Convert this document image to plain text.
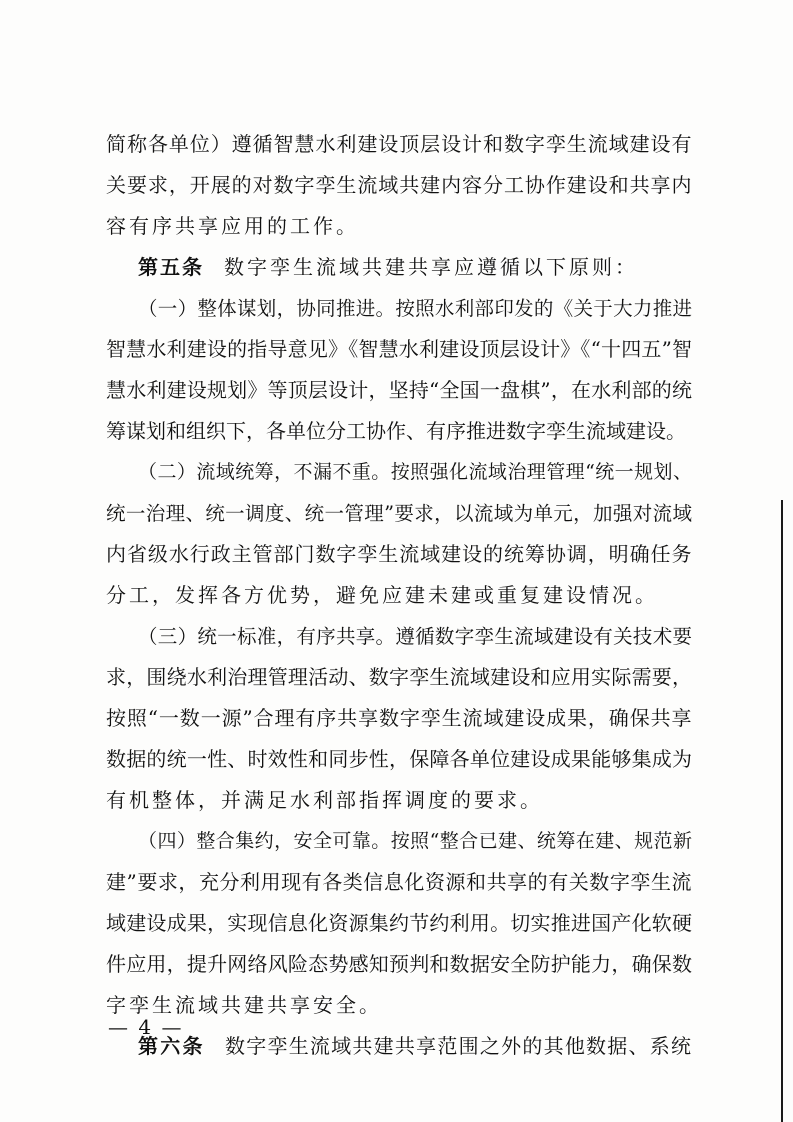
简称各单位）遵循智慧水利建设顶层设计和数字孪生流域建设有
关要求，开展的对数字孪生流域共建内容分工协作建设和共享内
容有序共享应用的工作。
第五条 数字孪生流域共建共享应遵循以下原则：
（一）整体谋划，协同推进。按照水利部印发的《关于大力推进
智慧水利建设的指导意见》《智慧水利建设顶层设计》《“十四五”智
慧水利建设规划》等顶层设计，坚持“全国一盘棋”，在水利部的统
筹谋划和组织下，各单位分工协作、有序推进数字孪生流域建设。
（二）流域统筹，不漏不重。按照强化流域治理管理“统一规划、
统一治理、统一调度、统一管理”要求，以流域为单元，加强对流域
内省级水行政主管部门数字孪生流域建设的统筹协调，明确任务
分工，发挥各方优势，避免应建未建或重复建设情况。
（三）统一标准，有序共享。遵循数字孪生流域建设有关技术要
求，围绕水利治理管理活动、数字孪生流域建设和应用实际需要，
按照“一数一源”合理有序共享数字孪生流域建设成果，确保共享
数据的统一性、时效性和同步性，保障各单位建设成果能够集成为
有机整体，并满足水利部指挥调度的要求。
（四）整合集约，安全可靠。按照“整合已建、统筹在建、规范新
建”要求，充分利用现有各类信息化资源和共享的有关数字孪生流
域建设成果，实现信息化资源集约节约利用。切实推进国产化软硬
件应用，提升网络风险态势感知预判和数据安全防护能力，确保数
字孪生流域共建共享安全。
第六条 数字孪生流域共建共享范围之外的其他数据、系统
— 4 —
